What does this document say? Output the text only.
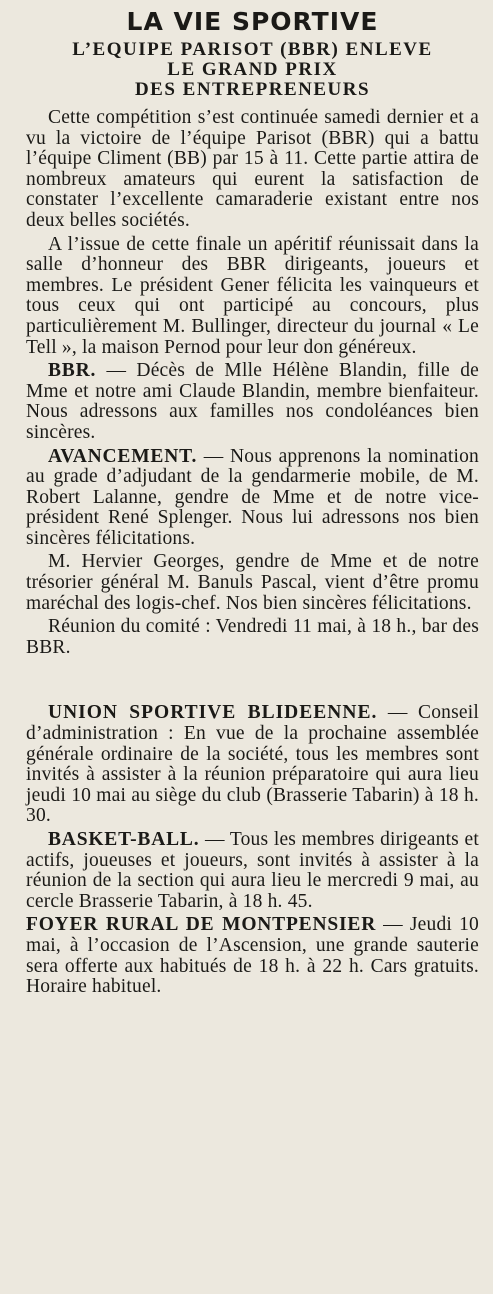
LA VIE SPORTIVE
L’EQUIPE PARISOT (BBR) ENLEVE
LE GRAND PRIX
DES ENTREPRENEURS

Cette compétition s’est continuée samedi dernier et a vu la victoire de l’équipe Parisot (BBR) qui a battu l’équipe Climent (BB) par 15 à 11. Cette partie attira de nombreux amateurs qui eurent la satisfaction de constater l’excellente camaraderie existant entre nos deux belles sociétés.

A l’issue de cette finale un apéritif réunissait dans la salle d’honneur des BBR dirigeants, joueurs et membres. Le président Gener félicita les vainqueurs et tous ceux qui ont participé au concours, plus particulièrement M. Bullinger, directeur du journal « Le Tell », la maison Pernod pour leur don généreux.

BBR. — Décès de Mlle Hélène Blandin, fille de Mme et notre ami Claude Blandin, membre bienfaiteur. Nous adressons aux familles nos condoléances bien sincères.

AVANCEMENT. — Nous apprenons la nomination au grade d’adjudant de la gendarmerie mobile, de M. Robert Lalanne, gendre de Mme et de notre vice-président René Splenger. Nous lui adressons nos bien sincères félicitations.

M. Hervier Georges, gendre de Mme et de notre trésorier général M. Banuls Pascal, vient d’être promu maréchal des logis-chef. Nos bien sincères félicitations.

Réunion du comité : Vendredi 11 mai, à 18 h., bar des BBR.

UNION SPORTIVE BLIDEENNE. — Conseil d’administration : En vue de la prochaine assemblée générale ordinaire de la société, tous les membres sont invités à assister à la réunion préparatoire qui aura lieu jeudi 10 mai au siège du club (Brasserie Tabarin) à 18 h. 30.

BASKET-BALL. — Tous les membres dirigeants et actifs, joueuses et joueurs, sont invités à assister à la réunion de la section qui aura lieu le mercredi 9 mai, au cercle Brasserie Tabarin, à 18 h. 45.

FOYER RURAL DE MONTPENSIER — Jeudi 10 mai, à l’occasion de l’Ascension, une grande sauterie sera offerte aux habitués de 18 h. à 22 h. Cars gratuits. Horaire habituel.
